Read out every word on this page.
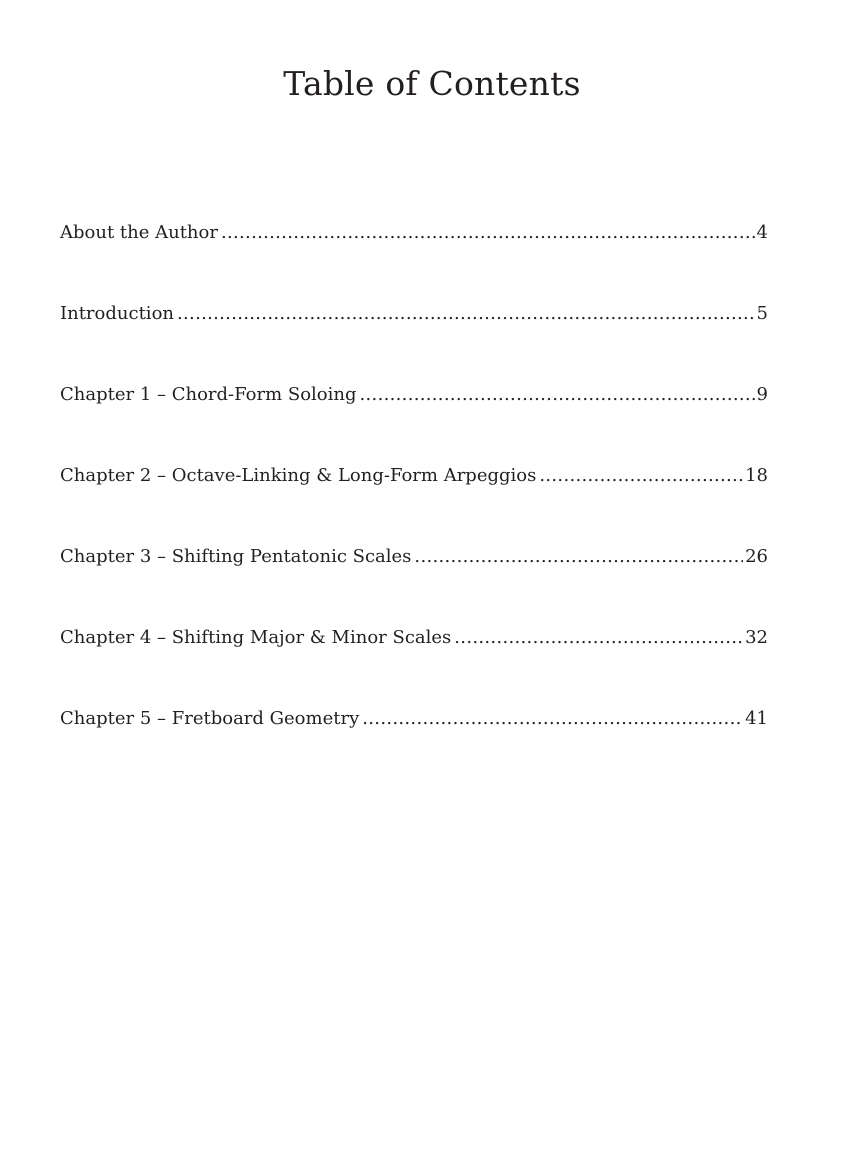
Table of Contents
About the Author .....	4
Introduction .....	5
Chapter 1 – Chord-Form Soloing .....	9
Chapter 2 – Octave-Linking & Long-Form Arpeggios .....	18
Chapter 3 – Shifting Pentatonic Scales .....	26
Chapter 4 – Shifting Major & Minor Scales .....	32
Chapter 5 – Fretboard Geometry .....	41
